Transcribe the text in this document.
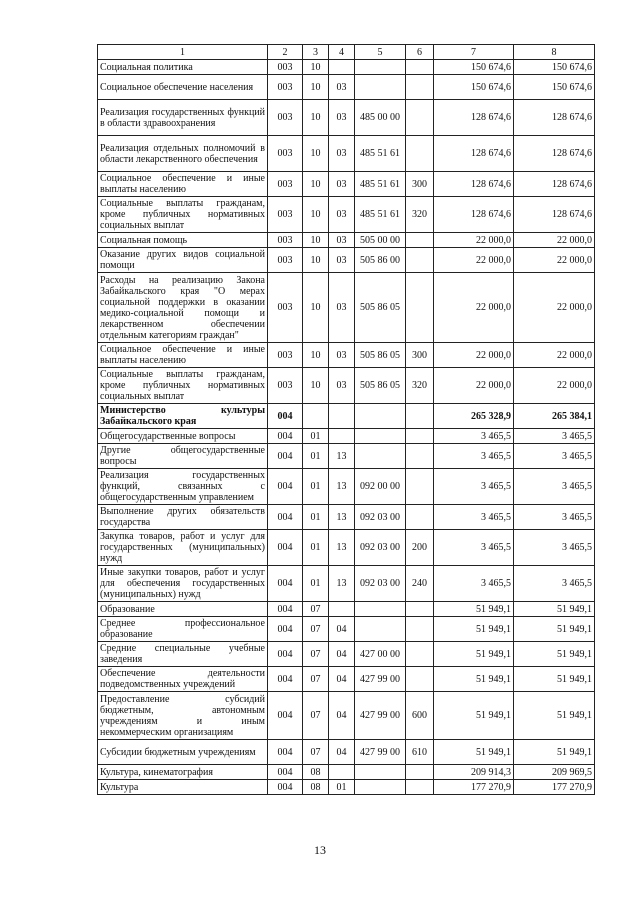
1	2	3	4	5	6	7	8
Социальная политика	003	10				150 674,6	150 674,6
Социальное обеспечение населения	003	10	03			150 674,6	150 674,6
Реализация государственных функций в области здравоохранения	003	10	03	485 00 00		128 674,6	128 674,6
Реализация отдельных полномочий в области лекарственного обеспечения	003	10	03	485 51 61		128 674,6	128 674,6
Социальное обеспечение и иные выплаты населению	003	10	03	485 51 61	300	128 674,6	128 674,6
Социальные выплаты гражданам, кроме публичных нормативных социальных выплат	003	10	03	485 51 61	320	128 674,6	128 674,6
Социальная помощь	003	10	03	505 00 00		22 000,0	22 000,0
Оказание других видов социальной помощи	003	10	03	505 86 00		22 000,0	22 000,0
Расходы на реализацию Закона Забайкальского края "О мерах социальной поддержки в оказании медико-социальной помощи и лекарственном обеспечении отдельным категориям граждан"	003	10	03	505 86 05		22 000,0	22 000,0
Социальное обеспечение и иные выплаты населению	003	10	03	505 86 05	300	22 000,0	22 000,0
Социальные выплаты гражданам, кроме публичных нормативных социальных выплат	003	10	03	505 86 05	320	22 000,0	22 000,0
Министерство культуры Забайкальского края	004					265 328,9	265 384,1
Общегосударственные вопросы	004	01				3 465,5	3 465,5
Другие общегосударственные вопросы	004	01	13			3 465,5	3 465,5
Реализация государственных функций, связанных с общегосударственным управлением	004	01	13	092 00 00		3 465,5	3 465,5
Выполнение других обязательств государства	004	01	13	092 03 00		3 465,5	3 465,5
Закупка товаров, работ и услуг для государственных (муниципальных) нужд	004	01	13	092 03 00	200	3 465,5	3 465,5
Иные закупки товаров, работ и услуг для обеспечения государственных (муниципальных) нужд	004	01	13	092 03 00	240	3 465,5	3 465,5
Образование	004	07				51 949,1	51 949,1
Среднее профессиональное образование	004	07	04			51 949,1	51 949,1
Средние специальные учебные заведения	004	07	04	427 00 00		51 949,1	51 949,1
Обеспечение деятельности подведомственных учреждений	004	07	04	427 99 00		51 949,1	51 949,1
Предоставление субсидий бюджетным, автономным учреждениям и иным некоммерческим организациям	004	07	04	427 99 00	600	51 949,1	51 949,1
Субсидии бюджетным учреждениям	004	07	04	427 99 00	610	51 949,1	51 949,1
Культура, кинематография	004	08				209 914,3	209 969,5
Культура	004	08	01			177 270,9	177 270,9
13
